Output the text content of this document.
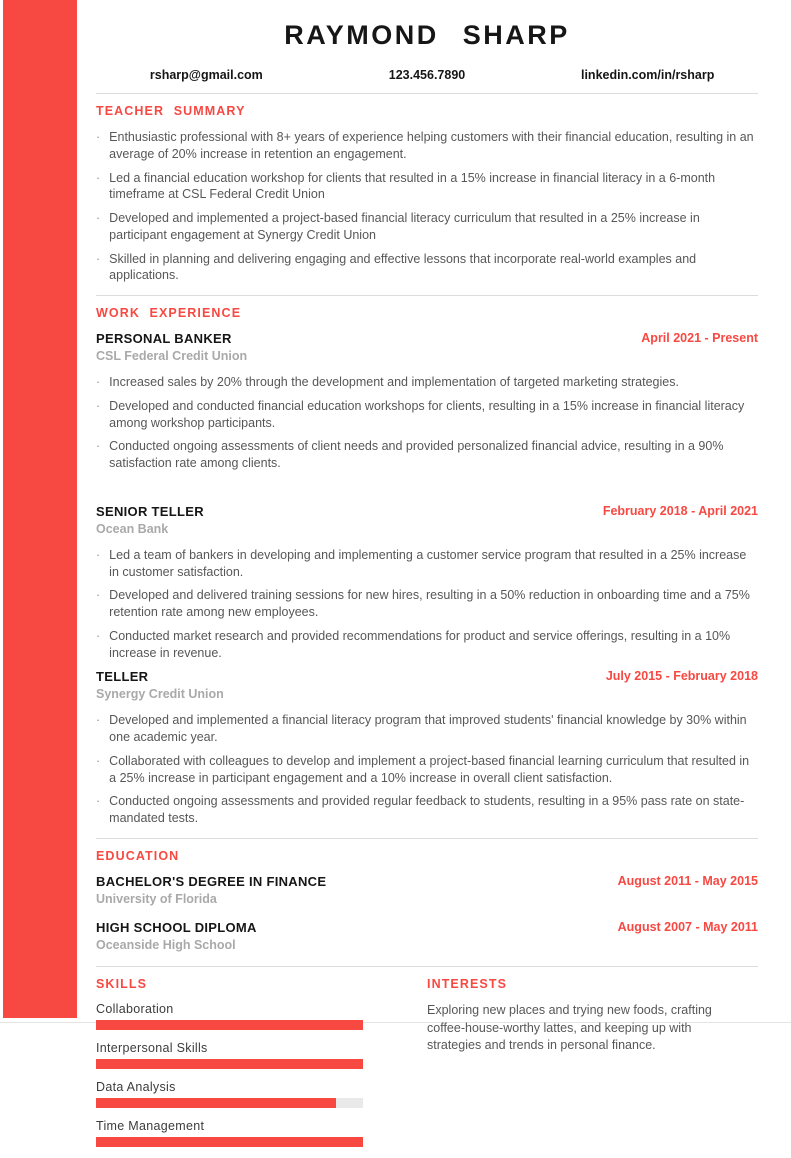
RAYMOND SHARP
rsharp@gmail.com	123.456.7890	linkedin.com/in/rsharp
TEACHER SUMMARY
· Enthusiastic professional with 8+ years of experience helping customers with their financial education, resulting in an average of 20% increase in retention an engagement.
· Led a financial education workshop for clients that resulted in a 15% increase in financial literacy in a 6-month timeframe at CSL Federal Credit Union
· Developed and implemented a project-based financial literacy curriculum that resulted in a 25% increase in participant engagement at Synergy Credit Union
· Skilled in planning and delivering engaging and effective lessons that incorporate real-world examples and applications.
WORK EXPERIENCE
PERSONAL BANKER	April 2021 - Present
CSL Federal Credit Union
· Increased sales by 20% through the development and implementation of targeted marketing strategies.
· Developed and conducted financial education workshops for clients, resulting in a 15% increase in financial literacy among workshop participants.
· Conducted ongoing assessments of client needs and provided personalized financial advice, resulting in a 90% satisfaction rate among clients.
SENIOR TELLER	February 2018 - April 2021
Ocean Bank
· Led a team of bankers in developing and implementing a customer service program that resulted in a 25% increase in customer satisfaction.
· Developed and delivered training sessions for new hires, resulting in a 50% reduction in onboarding time and a 75% retention rate among new employees.
· Conducted market research and provided recommendations for product and service offerings, resulting in a 10% increase in revenue.
TELLER	July 2015 - February 2018
Synergy Credit Union
· Developed and implemented a financial literacy program that improved students' financial knowledge by 30% within one academic year.
· Collaborated with colleagues to develop and implement a project-based financial learning curriculum that resulted in a 25% increase in participant engagement and a 10% increase in overall client satisfaction.
· Conducted ongoing assessments and provided regular feedback to students, resulting in a 95% pass rate on state-mandated tests.
EDUCATION
BACHELOR'S DEGREE IN FINANCE
University of Florida
August 2011 - May 2015
HIGH SCHOOL DIPLOMA
Oceanside High School
August 2007 - May 2011
SKILLS
Collaboration
Interpersonal Skills
Data Analysis
Time Management
INTERESTS

Exploring new places and trying new foods, crafting coffee-house-worthy lattes, and keeping up with strategies and trends in personal finance.
